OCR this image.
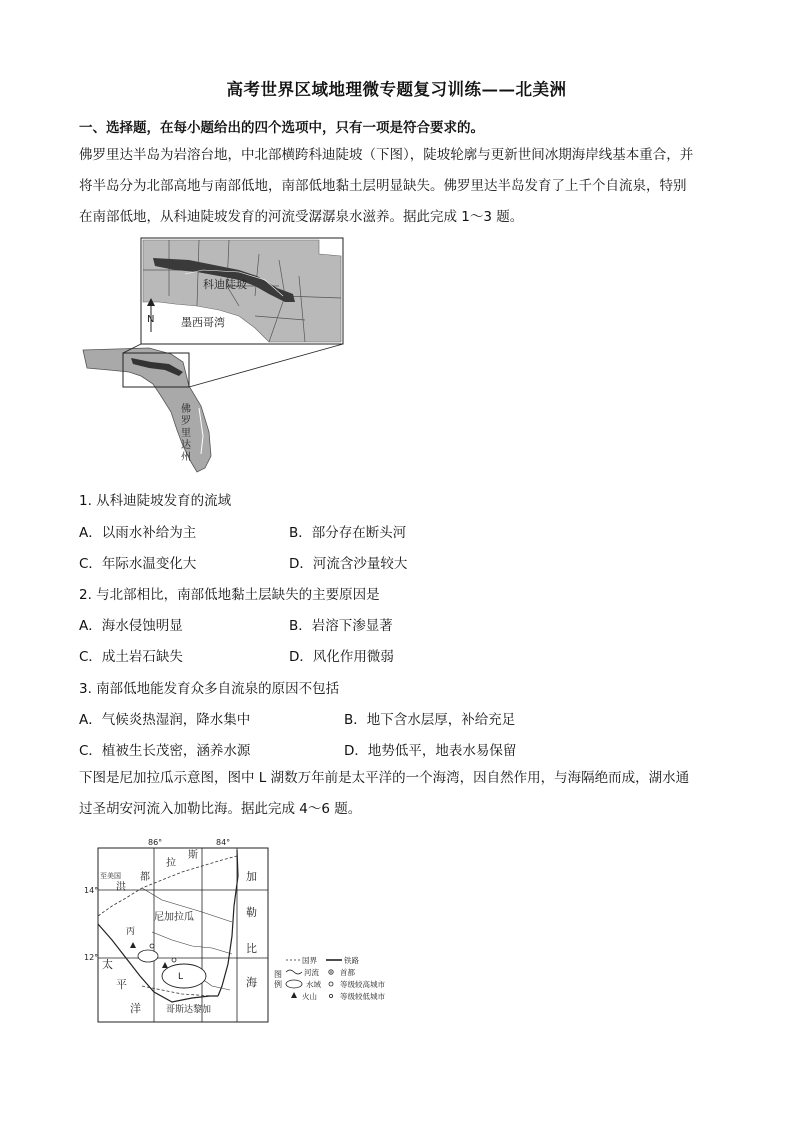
高考世界区域地理微专题复习训练——北美洲
一、选择题，在每小题给出的四个选项中，只有一项是符合要求的。
佛罗里达半岛为岩溶台地，中北部横跨科迪陡坡（下图），陡坡轮廓与更新世间冰期海岸线基本重合，并
将半岛分为北部高地与南部低地，南部低地黏土层明显缺失。佛罗里达半岛发育了上千个自流泉，特别
在南部低地，从科迪陡坡发育的河流受潺潺泉水滋养。据此完成 1～3 题。
科迪陡坡
墨西哥湾
N
佛
罗
里
达
州
1. 从科迪陡坡发育的流域
A．以雨水补给为主	B．部分存在断头河
C．年际水温变化大	D．河流含沙量较大
2. 与北部相比，南部低地黏土层缺失的主要原因是
A．海水侵蚀明显	B．岩溶下渗显著
C．成土岩石缺失	D．风化作用微弱
3. 南部低地能发育众多自流泉的原因不包括
A．气候炎热湿润，降水集中	B．地下含水层厚，补给充足
C．植被生长茂密，涵养水源	D．地势低平，地表水易保留
下图是尼加拉瓜示意图，图中 L 湖数万年前是太平洋的一个海湾，因自然作用，与海隔绝而成，湖水通
过圣胡安河流入加勒比海。据此完成 4～6 题。
86°	84°
14°
12°
至美国
洪
都
拉
斯
尼加拉瓜
加
勒
比
海
太
平
洋	哥斯达黎加
L
丙
图
例
国界	铁路
河流	首都
水域	等级较高城市
火山	等级较低城市
